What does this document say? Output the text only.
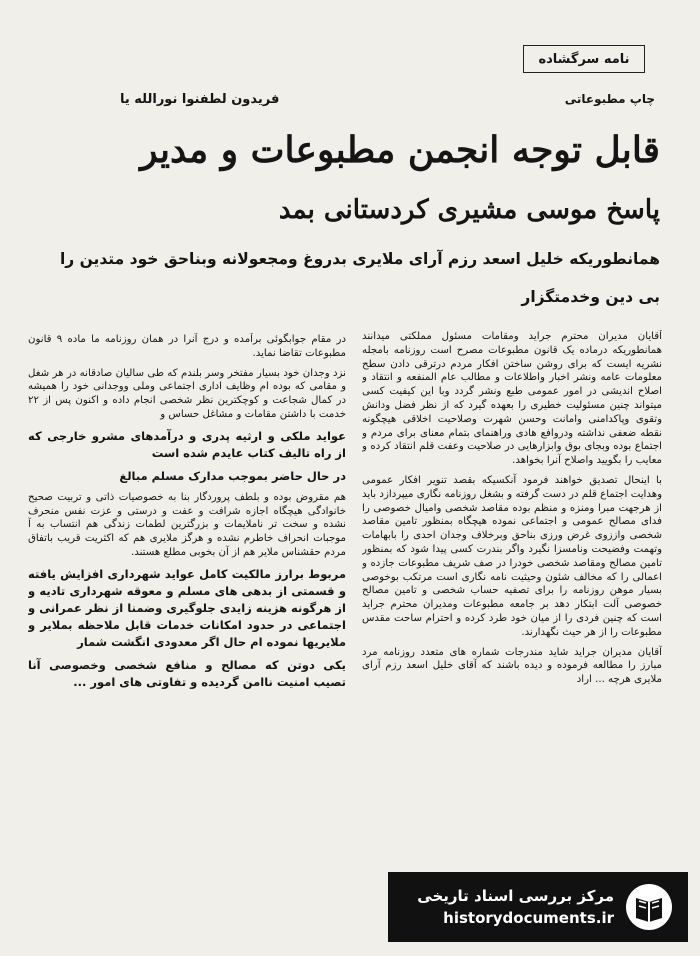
نامه سرگشاده
فریدون لطفنوا نورالله یا	چاپ مطبوعاتی
قابل توجه انجمن مطبوعات و مدیر
پاسخ موسی مشیری کردستانی بمد
همانطوریکه خلیل اسعد رزم آرای ملایری بدروغ ومجعولانه وبناحق خود متدین را بی دین وخدمتگزار

آقایان مدیران محترم جراید ومقامات مسئول مملکتی میدانند همانطوریکه درماده یک قانون مطبوعات مصرح است روزنامه بامجله نشریه ایست که برای روشن ساختن افکار مردم درترقی دادن سطح معلومات عامه ونشر اخبار واطلاعات و مطالب عام المنفعه و انتقاد و اصلاح اندیشی در امور عمومی طبع ونشر گردد وبا این کیفیت کسی میتواند چنین مسئولیت خطیری را بعهده گیرد که از نظر فضل ودانش وتقوی وپاکدامنی وامانت وحسن شهرت وصلاحیت اخلاقی هیچگونه نقطه ضعفی نداشته ودروافع هادی وراهنمای بتمام معنای برای مردم و اجتماع بوده وبجای بوق وابزارهایی در صلاحیت وعفت قلم انتقاد کرده و معایب را بگویید واصلاح آنرا بخواهد.

با اینحال تصدیق خواهند فرمود آنکسیکه بقصد تنویر افکار عمومی وهدایت اجتماع قلم در دست گرفته و بشغل روزنامه نگاری میپردازد باید از هرجهت مبرا ومنزه و منظم بوده مقاصد شخصی واميال خصوصی را فدای مصالح عمومی و اجتماعی نموده هیچگاه بمنظور تامین مقاصد شخصی واززوی غرض ورزی بناحق وبرخلاف وجدان احدی را بابهامات وتهمت وفضیحت ونامسزا نگیرد واگر بندرت کسی پیدا شود که بمنظور تامین مصالح ومقاصد شخصی خودرا در صف شریف مطبوعات جازده و اعمالی را که مخالف شئون وحیثیت نامه نگاری است مرتکب بوخوصی بسیار موهن روزنامه را برای تصفیه حساب شخصی و تامین مصالح خصوصی آلت ابتکار دهد بر جامعه مطبوعات ومدیران محترم جراید است که چنین فردی را از میان خود طرد کرده و احترام ساحت مقدس مطبوعات را از هر حیث نگهدارند.

آقایان مدیران جراید شاید مندرجات شماره های متعدد روزنامه مرد مبارز را مطالعه فرموده و دیده باشند که آقای خلیل اسعد رزم آرای ملایری هرچه ... اراد

در مقام جوابگوئی برآمده و درج آنرا در همان روزنامه ما ماده ۹ قانون مطبوعات تقاضا نماید.

نزد وجدان خود بسیار مفتخر وسر بلندم که طی سالیان صادقانه در هر شغل و مقامی که بوده ام وظایف اداری اجتماعی وملی ووجدانی خود را همیشه در کمال شجاعت و کوچکترین نظر شخصی انجام داده و اکنون پس از ۲۲ خدمت با داشتن مقامات و مشاغل حساس و

عوايد ملکی و ارثیه پدری و درآمدهای مشرو خارجی که از راه تالیف کتاب عایدم شده است

در حال حاضر بموجب مدارک مسلم مبالغ

هم مقروض بوده و بلطف پروردگار بنا به خصوصیات ذاتی و تربیت صحیح خانوادگی هیچگاه اجازه شرافت و عفت و درستی و عزت نفس منحرف نشده و سخت تر ناملایمات و بزرگترین لطمات زندگی هم انتساب به آ موجبات انحراف خاطرم نشده و هرگز ملایری هم که اکثریت قریب باتفاق مردم حقشناس ملایر هم از آن بخوبی مطلع هستند.

مربوط برارز مالکیت کامل عواید شهرداری افزایش یافته و قسمتی از بدهی های مسلم و معوقه شهرداری تادیه و از هرگونه هزینه زایدی جلوگیری وضمنا از نظر عمرانی و اجتماعی در حدود امکانات خدمات قابل ملاحظه بملایر و ملایریها نموده ام حال اگر معدودی انگشت شمار

یکی دوتن که مصالح و منافع شخصی وخصوصی آنا تصیب امنیت ناامن گردیده و تفاوتی های امور ...

مرکز بررسی اسناد تاریخی
historydocuments.ir
